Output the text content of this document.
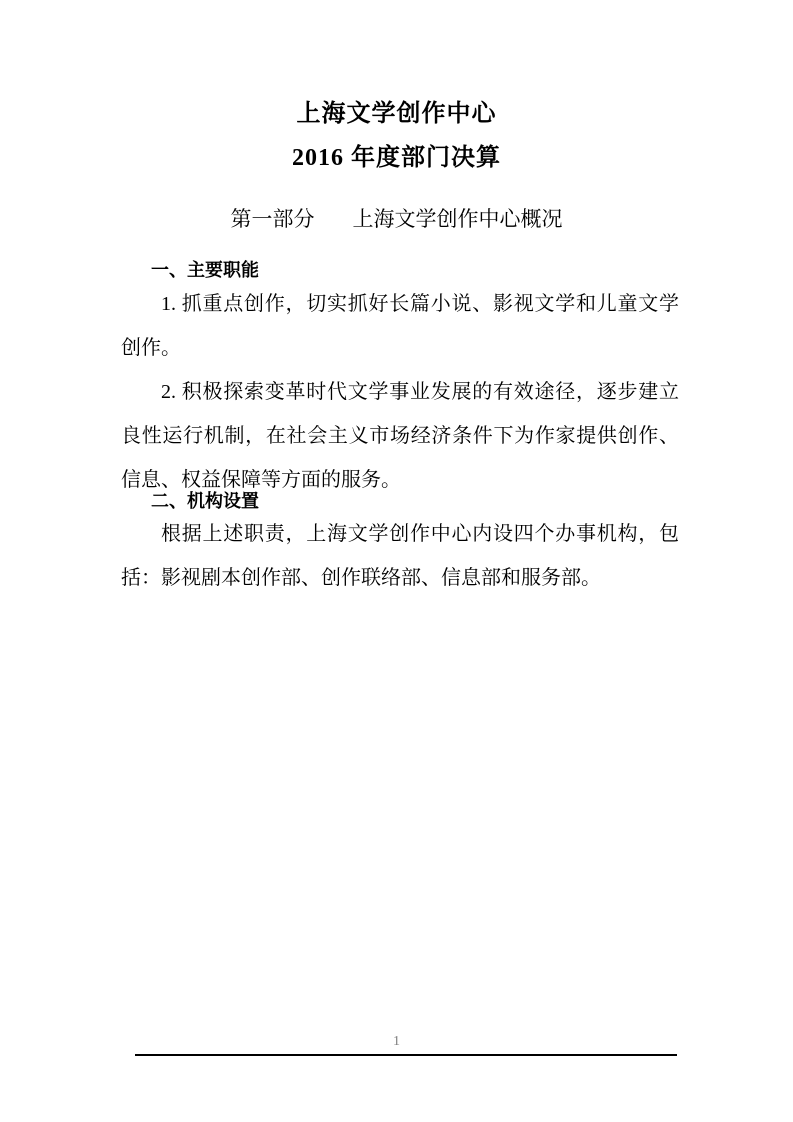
上海文学创作中心
2016 年度部门决算
第一部分 上海文学创作中心概况
一、主要职能

1. 抓重点创作，切实抓好长篇小说、影视文学和儿童文学创作。

2. 积极探索变革时代文学事业发展的有效途径，逐步建立良性运行机制，在社会主义市场经济条件下为作家提供创作、信息、权益保障等方面的服务。

二、机构设置

根据上述职责，上海文学创作中心内设四个办事机构，包括：影视剧本创作部、创作联络部、信息部和服务部。

1
